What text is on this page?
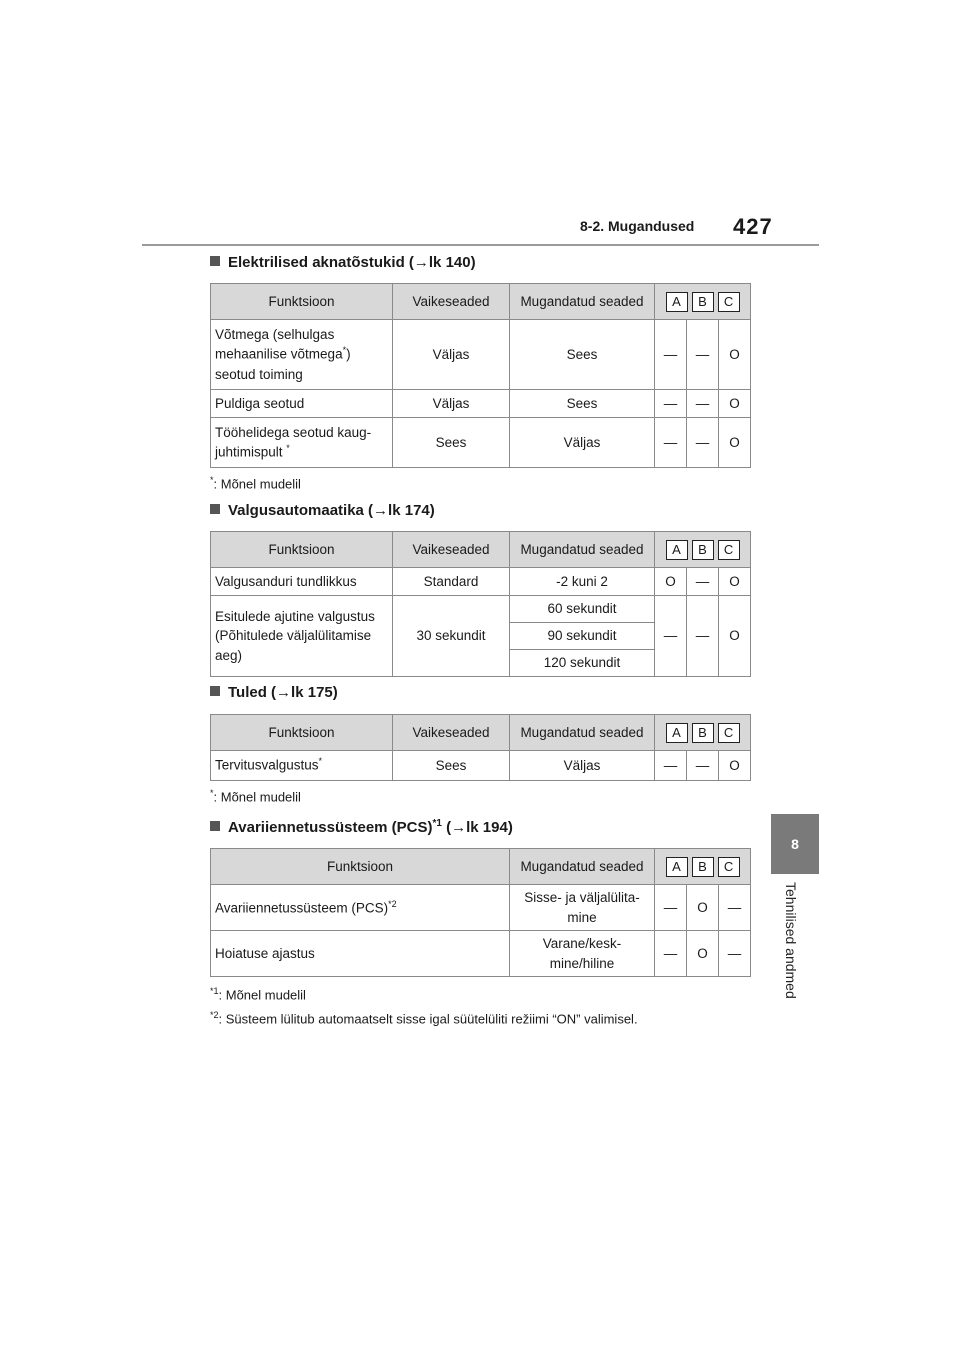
8-2. Mugandused 427
8
Tehnilised andmed
Elektrilised aknatõstukid (→lk 140)
Funktsioon	Vaikeseaded	Mugandatud seaded	A B C		
Võtmega (selhulgas
mehaanilise võtmega*)
seotud toiming	Väljas	Sees	—	—	O
Puldiga seotud	Väljas	Sees	—	—	O
Tööhelidega seotud kaug-
juhtimispult *	Sees	Väljas	—	—	O
*: Mõnel mudelil
Valgusautomaatika (→lk 174)
Funktsioon	Vaikeseaded	Mugandatud seaded	A B C		
Valgusanduri tundlikkus	Standard	-2 kuni 2	O	—	O
Esitulede ajutine valgustus (Põhitulede väljalülitamise aeg)	30 sekundit	60 sekundit	—	—	O
		90 sekundit			
		120 sekundit			
Tuled (→lk 175)
Funktsioon	Vaikeseaded	Mugandatud seaded	A B C		
Tervitusvalgustus*	Sees	Väljas	—	—	O
*: Mõnel mudelil
Avariiennetussüsteem (PCS)$^{*1}$ (→lk 194)
Funktsioon	Mugandatud seaded	A B C		
Avariiennetussüsteem (PCS)$^{*2}$	Sisse- ja väljalülita-
mine	—	O	—
Hoiatuse ajastus	Varane/kesk-
mine/hiline	—	O	—
$^{*1}$: Mõnel mudelil
$^{*2}$: Süsteem lülitub automaatselt sisse igal süütelüliti režiimi “ON” valimisel.
